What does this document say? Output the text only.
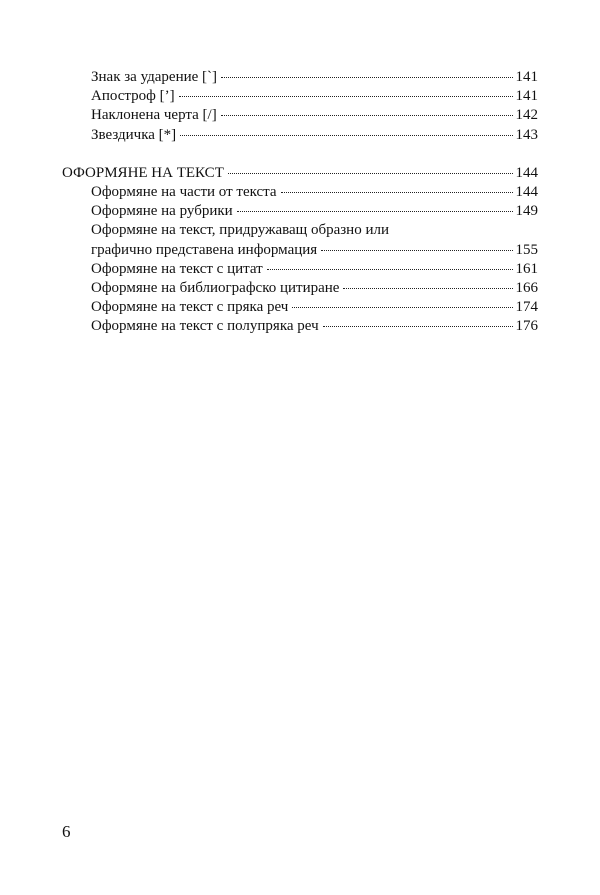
Знак за ударение [`]	141
Апостроф [’]	141
Наклонена черта [/]	142
Звездичка [*]	143
ОФОРМЯНЕ НА ТЕКСТ	144
Оформяне на части от текста	144
Оформяне на рубрики	149
Оформяне на текст, придружаващ образно или
графично представена информация	155
Оформяне на текст с цитат	161
Оформяне на библиографско цитиране	166
Оформяне на текст с пряка реч	174
Оформяне на текст с полупряка реч	176
6
